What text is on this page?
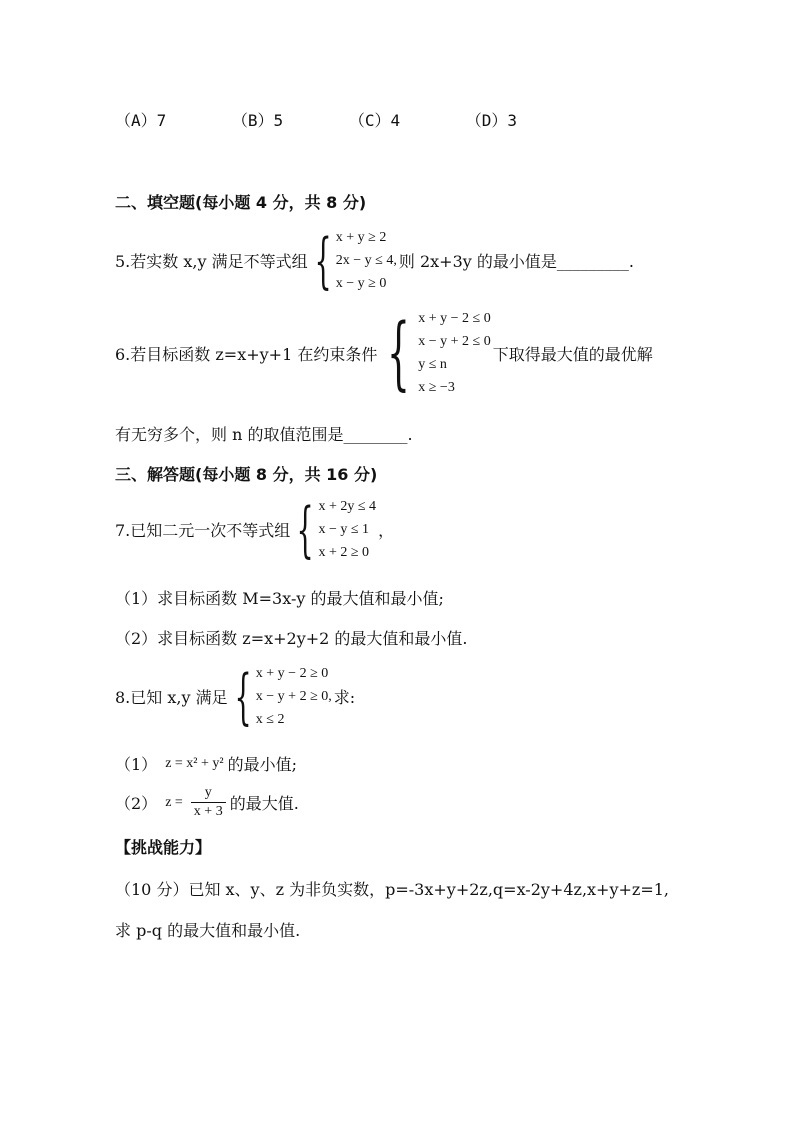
（A）7	（B）5	（C）4	（D）3
二、填空题(每小题 4 分，共 8 分)
5.若实数 x,y 满足不等式组 { x + y ≥ 2
2x − y ≤ 4,
x − y ≥ 0
则 2x+3y 的最小值是_________.
6.若目标函数 z=x+y+1 在约束条件 { x + y − 2 ≤ 0
x − y + 2 ≤ 0
y ≤ n
x ≥ −3
下取得最大值的最优解
有无穷多个，则 n 的取值范围是________.
三、解答题(每小题 8 分，共 16 分)
7.已知二元一次不等式组 { x + 2y ≤ 4
x − y ≤ 1
x + 2 ≥ 0
，
（1）求目标函数 M=3x-y 的最大值和最小值;
（2）求目标函数 z=x+2y+2 的最大值和最小值.
8.已知 x,y 满足 { x + y − 2 ≥ 0
x − y + 2 ≥ 0,
x ≤ 2
求:
（1） z = x² + y² 的最小值;
（2） $z = \frac{y}{x + 3}$ 的最大值.
【挑战能力】
（10 分）已知 x、y、z 为非负实数，p=-3x+y+2z,q=x-2y+4z,x+y+z=1,
求 p-q 的最大值和最小值.
